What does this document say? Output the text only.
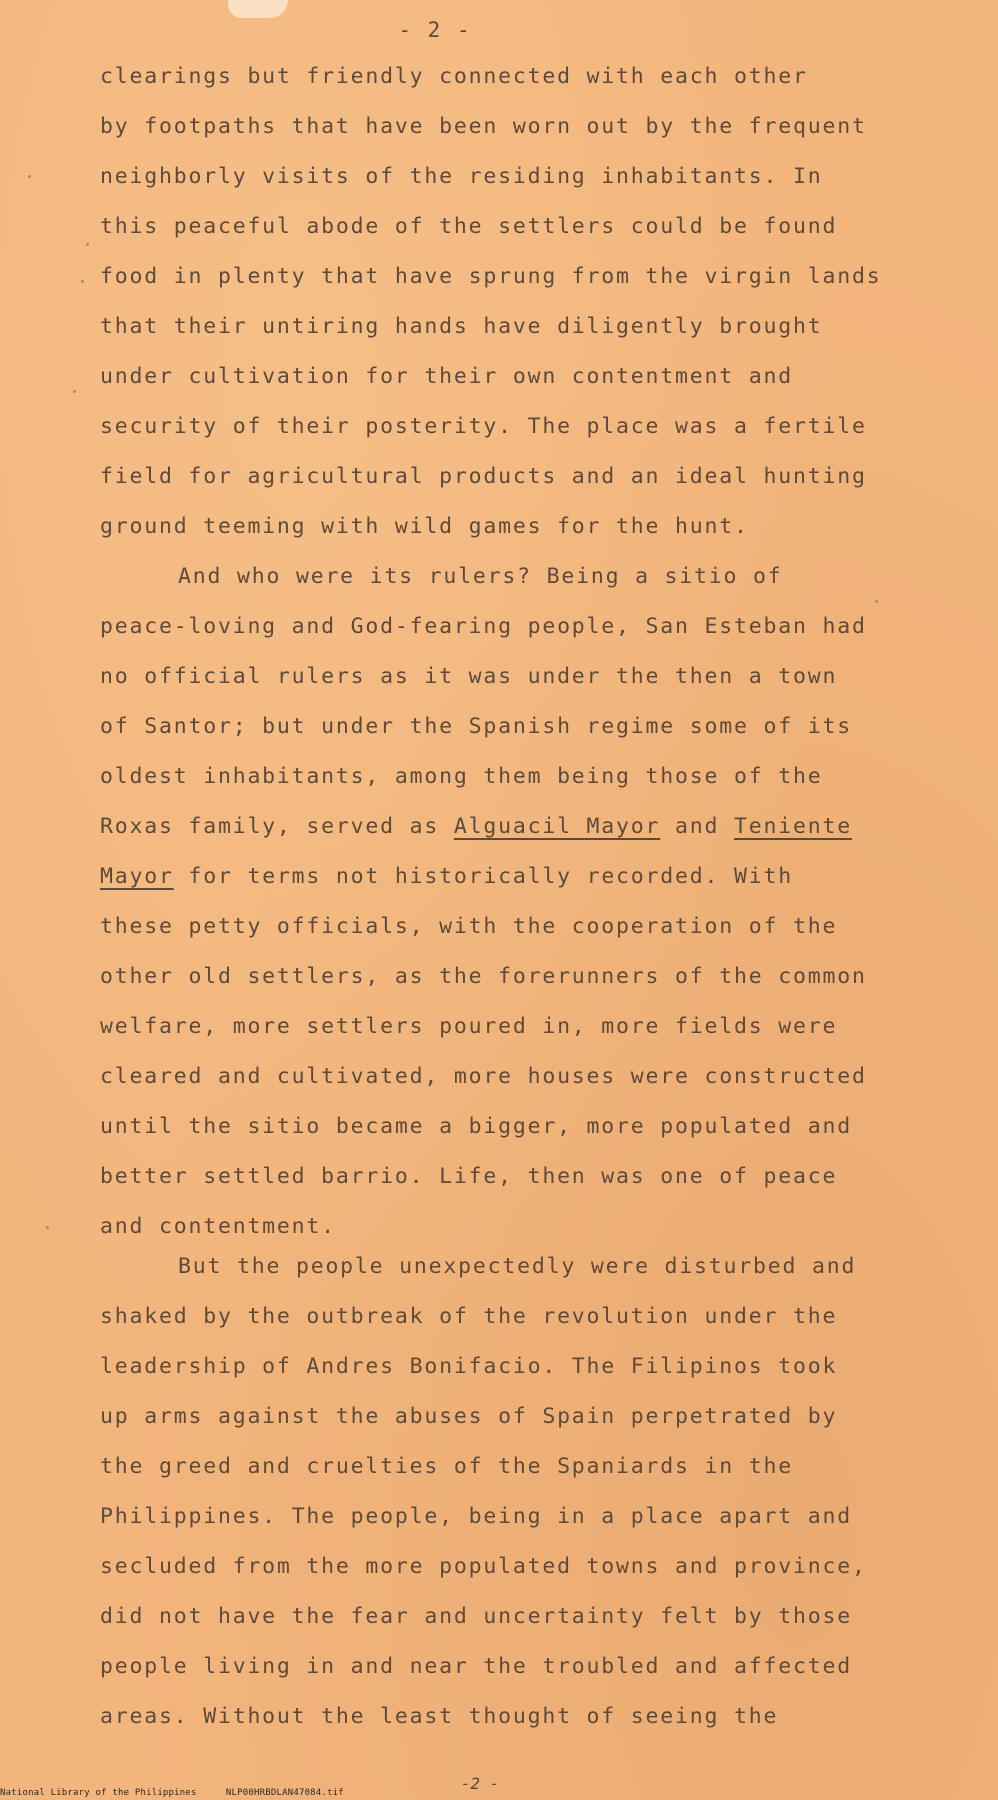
- 2 -

clearings but friendly connected with each other
by footpaths that have been worn out by the frequent
neighborly visits of the residing inhabitants. In
this peaceful abode of the settlers could be found
food in plenty that have sprung from the virgin lands
that their untiring hands have diligently brought
under cultivation for their own contentment and
security of their posterity. The place was a fertile
field for agricultural products and an ideal hunting
ground teeming with wild games for the hunt.

And who were its rulers? Being a sitio of
peace-loving and God-fearing people, San Esteban had
no official rulers as it was under the then a town
of Santor; but under the Spanish regime some of its
oldest inhabitants, among them being those of the
Roxas family, served as Alguacil Mayor and Teniente
Mayor for terms not historically recorded. With
these petty officials, with the cooperation of the
other old settlers, as the forerunners of the common
welfare, more settlers poured in, more fields were
cleared and cultivated, more houses were constructed
until the sitio became a bigger, more populated and
better settled barrio. Life, then was one of peace
and contentment.

But the people unexpectedly were disturbed and
shaked by the outbreak of the revolution under the
leadership of Andres Bonifacio. The Filipinos took
up arms against the abuses of Spain perpetrated by
the greed and cruelties of the Spaniards in the
Philippines. The people, being in a place apart and
secluded from the more populated towns and province,
did not have the fear and uncertainty felt by those
people living in and near the troubled and affected
areas. Without the least thought of seeing the

-2 -
National Library of the Philippines	NLP00HRBDLAN47084.tif
